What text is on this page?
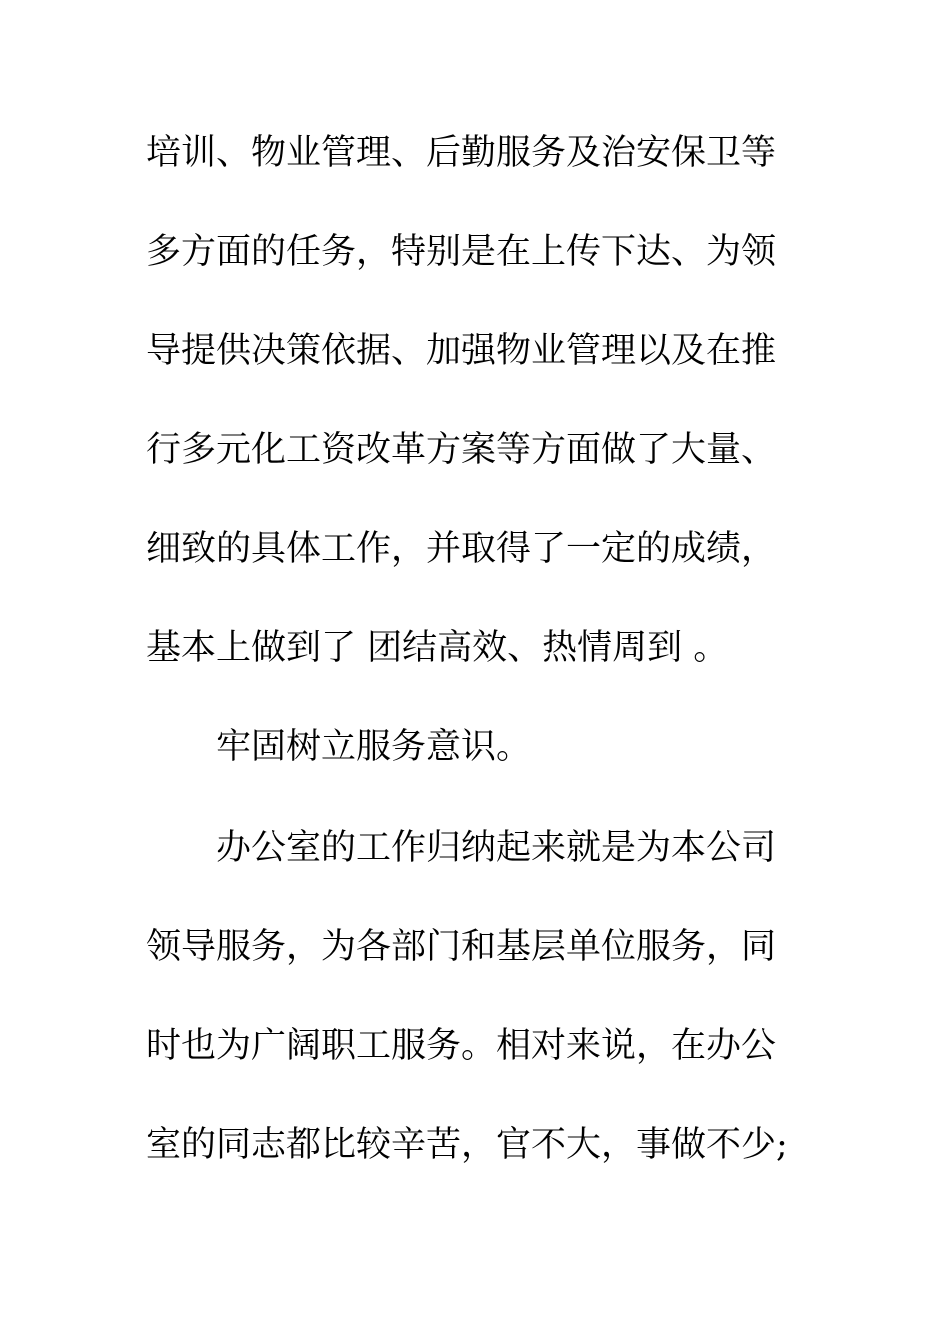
培训、物业管理、后勤服务及治安保卫等
多方面的任务，特别是在上传下达、为领
导提供决策依据、加强物业管理以及在推
行多元化工资改革方案等方面做了大量、
细致的具体工作，并取得了一定的成绩，
基本上做到了 团结高效、热情周到 。
牢固树立服务意识。
办公室的工作归纳起来就是为本公司
领导服务，为各部门和基层单位服务，同
时也为广阔职工服务。相对来说，在办公
室的同志都比较辛苦，官不大，事做不少;
